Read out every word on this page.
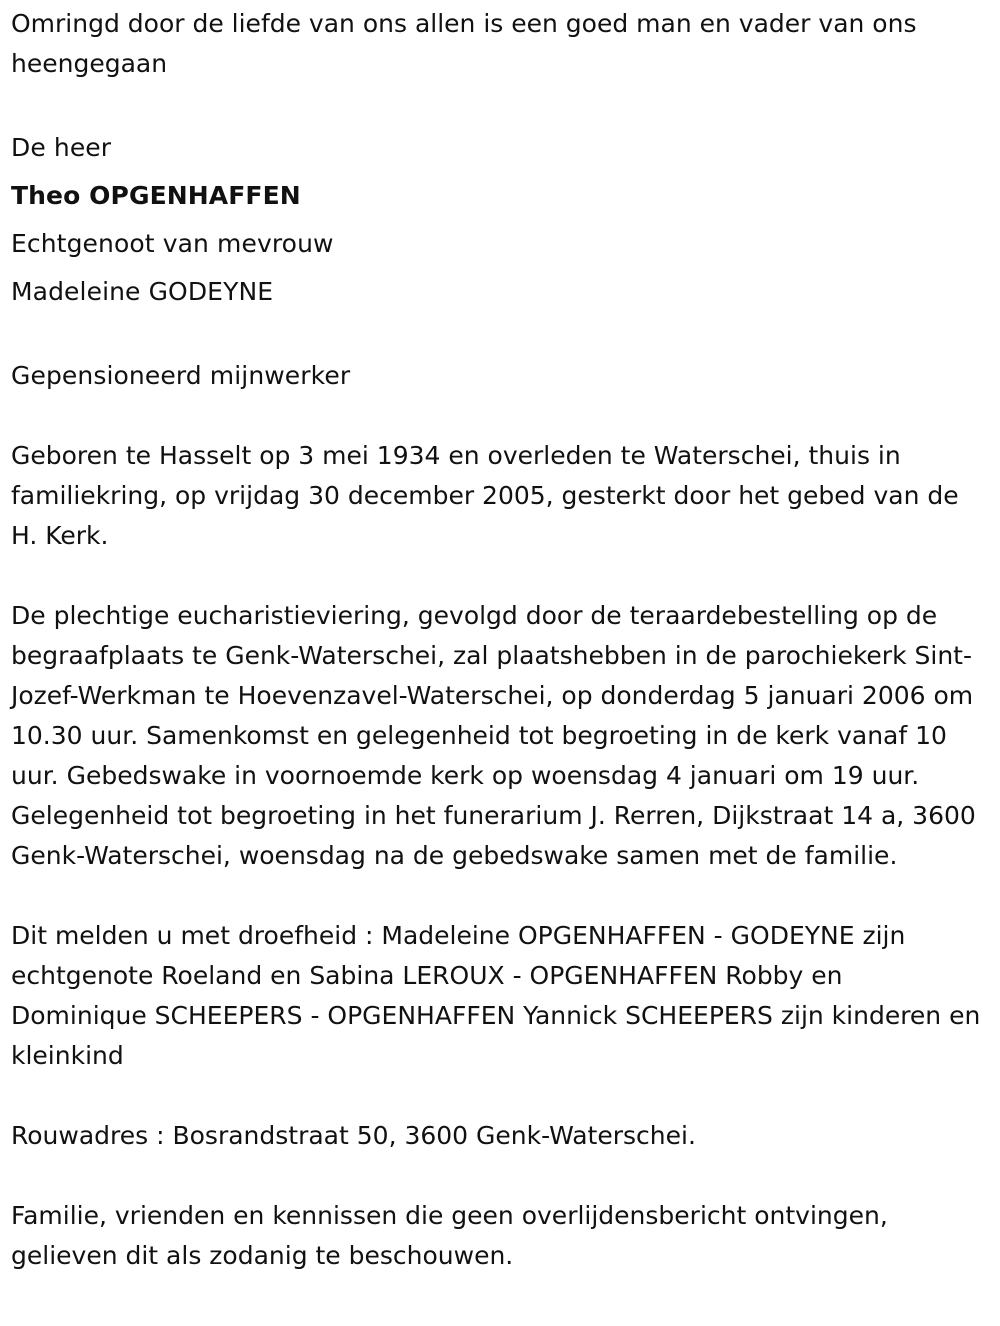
Omringd door de liefde van ons allen is een goed man en vader van ons heengegaan

De heer

Theo OPGENHAFFEN

Echtgenoot van mevrouw

Madeleine GODEYNE

Gepensioneerd mijnwerker

Geboren te Hasselt op 3 mei 1934 en overleden te Waterschei, thuis in familiekring, op vrijdag 30 december 2005, gesterkt door het gebed van de H. Kerk.

De plechtige eucharistieviering, gevolgd door de teraardebestelling op de begraafplaats te Genk-Waterschei, zal plaatshebben in de parochiekerk Sint-Jozef-Werkman te Hoevenzavel-Waterschei, op donderdag 5 januari 2006 om 10.30 uur. Samenkomst en gelegenheid tot begroeting in de kerk vanaf 10 uur. Gebedswake in voornoemde kerk op woensdag 4 januari om 19 uur. Gelegenheid tot begroeting in het funerarium J. Rerren, Dijkstraat 14 a, 3600 Genk-Waterschei, woensdag na de gebedswake samen met de familie.

Dit melden u met droefheid : Madeleine OPGENHAFFEN - GODEYNE zijn echtgenote Roeland en Sabina LEROUX - OPGENHAFFEN Robby en Dominique SCHEEPERS - OPGENHAFFEN Yannick SCHEEPERS zijn kinderen en kleinkind

Rouwadres : Bosrandstraat 50, 3600 Genk-Waterschei.

Familie, vrienden en kennissen die geen overlijdensbericht ontvingen, gelieven dit als zodanig te beschouwen.
